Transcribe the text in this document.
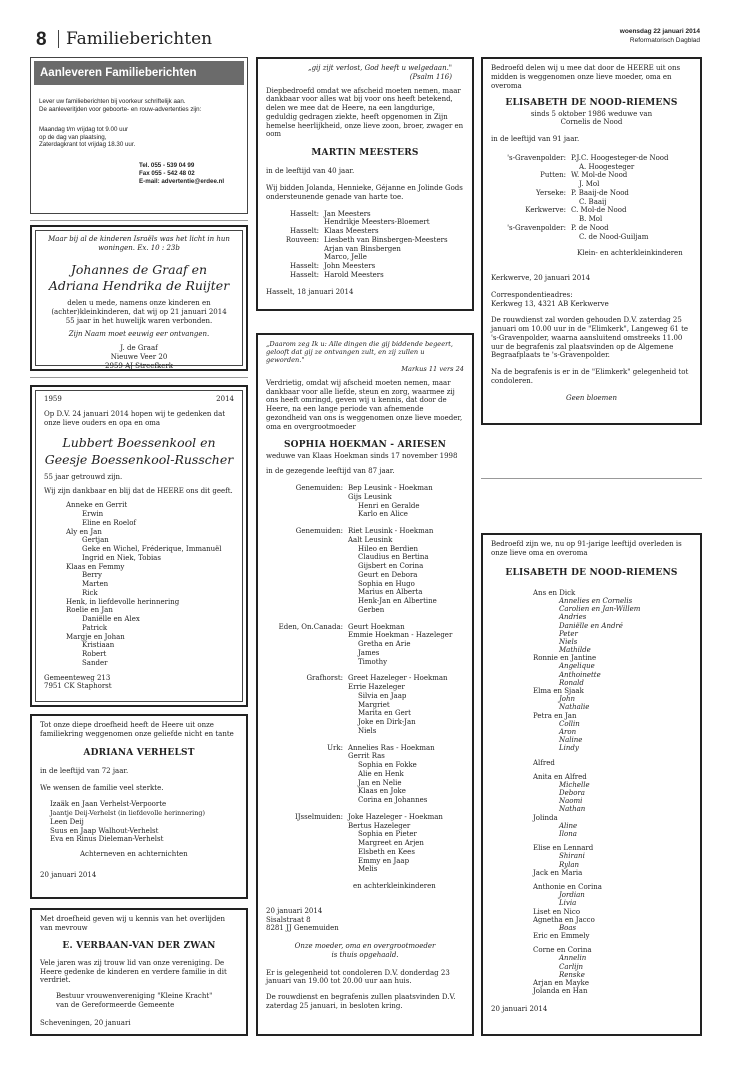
8 Familieberichten	woensdag 22 januari 2014
Reformatorisch Dagblad
Aanleveren Familieberichten
Lever uw familieberichten bij voorkeur schriftelijk aan.
De aanleveritjden voor geboorte- en rouw-advertenties zijn:
Maandag t/m vrijdag tot 9.00 uur
op de dag van plaatsing,
Zaterdagkrant tot vrijdag 18.30 uur.
Tel. 055 - 539 04 99
Fax 055 - 542 48 02
E-mail: advertentie@erdee.nl
Maar bij al de kinderen Israëls was het licht in hun woningen. Ex. 10 : 23b
Johannes de Graaf en
Adriana Hendrika de Ruijter
delen u mede, namens onze kinderen en
(achter)kleinkinderen, dat wij op 21 januari 2014
55 jaar in het huwelijk waren verbonden.
Zijn Naam moet eeuwig eer ontvangen.
J. de Graaf
Nieuwe Veer 20
2959 AJ Streefkerk
1959	2014
Op D.V. 24 januari 2014 hopen wij te gedenken dat onze lieve ouders en opa en oma
Lubbert Boessenkool en
Geesje Boessenkool-Russcher
55 jaar getrouwd zijn.
Wij zijn dankbaar en blij dat de HEERE ons dit geeft.
Anneke en Gerrit
Erwin
Eline en Roelof
Aly en Jan
Gertjan
Geke en Wichel, Fréderique, Immanuël
Ingrid en Niek, Tobias
Klaas en Femmy
Berry
Marten
Rick
Henk, in liefdevolle herinnering
Roelie en Jan
Daniëlle en Alex
Patrick
Margje en Johan
Kristiaan
Robert
Sander
Gemeenteweg 213
7951 CK Staphorst
Tot onze diepe droefheid heeft de Heere uit onze familiekring weggenomen onze geliefde nicht en tante
ADRIANA VERHELST
in de leeftijd van 72 jaar.
We wensen de familie veel sterkte.
Izaäk en Jaan Verhelst-Verpoorte
Jaantje Deij-Verhelst (in liefdevolle herinnering)
Leen Deij
Suus en Jaap Walhout-Verhelst
Eva en Rinus Dieleman-Verhelst
Achterneven en achternichten
20 januari 2014
Met droefheid geven wij u kennis van het overlijden van mevrouw
E. VERBAAN-VAN DER ZWAN
Vele jaren was zij trouw lid van onze vereniging. De Heere gedenke de kinderen en verdere familie in dit verdriet.
Bestuur vrouwenvereniging "Kleine Kracht"
van de Gereformeerde Gemeente
Scheveningen, 20 januari
„gij zijt verlost, God heeft u welgedaan."
(Psalm 116)
Diepbedroefd omdat we afscheid moeten nemen, maar dankbaar voor alles wat bij voor ons heeft betekend, delen we mee dat de Heere, na een langdurige, geduldig gedragen ziekte, heeft opgenomen in Zijn hemelse heerlijkheid, onze lieve zoon, broer, zwager en oom
MARTIN MEESTERS
in de leeftijd van 40 jaar.
Wij bidden Jolanda, Hennieke, Géjanne en Jolinde Gods ondersteunende genade van harte toe.
Hasselt: Jan Meesters
Hendrikje Meesters-Bloemert
Hasselt: Klaas Meesters
Rouveen: Liesbeth van Binsbergen-Meesters
Arjan van Binsbergen
Marco, Jelle
Hasselt: John Meesters
Hasselt: Harold Meesters
Hasselt, 18 januari 2014
„Daarom zeg Ik u: Alle dingen die gij biddende begeert, gelooft dat gij ze ontvangen zult, en zij zullen u geworden."
Markus 11 vers 24
Verdrietig, omdat wij afscheid moeten nemen, maar dankbaar voor alle liefde, steun en zorg, waarmee zij ons heeft omringd, geven wij u kennis, dat door de Heere, na een lange periode van afnemende gezondheid van ons is weggenomen onze lieve moeder, oma en overgrootmoeder
SOPHIA HOEKMAN - ARIESEN
weduwe van Klaas Hoekman sinds 17 november 1998
in de gezegende leeftijd van 87 jaar.
Genemuiden: Bep Leusink - Hoekman
Gijs Leusink
Henri en Geralde
Karlo en Alice
Genemuiden: Riet Leusink - Hoekman
Aalt Leusink
Hileo en Berdien
Claudius en Bertina
Gijsbert en Corina
Geurt en Debora
Sophia en Hugo
Marius en Alberta
Henk-Jan en Albertine
Gerben
Eden, On.Canada: Geurt Hoekman
Emmie Hoekman - Hazeleger
Gretha en Arie
James
Timothy
Grafhorst: Greet Hazeleger - Hoekman
Errie Hazeleger
Silvia en Jaap
Margriet
Marita en Gert
Joke en Dirk-Jan
Niels
Urk: Annelies Ras - Hoekman
Gerrit Ras
Sophia en Fokke
Alie en Henk
Jan en Nelie
Klaas en Joke
Corina en Johannes
IJsselmuiden: Joke Hazeleger - Hoekman
Bertus Hazeleger
Sophia en Pieter
Margreet en Arjen
Elsbeth en Kees
Emmy en Jaap
Melis
en achterkleinkinderen
20 januari 2014
Sisalstraat 8
8281 JJ Genemuiden
Onze moeder, oma en overgrootmoeder
is thuis opgehaald.
Er is gelegenheid tot condoleren D.V. donderdag 23 januari van 19.00 tot 20.00 uur aan huis.
De rouwdienst en begrafenis zullen plaatsvinden D.V. zaterdag 25 januari, in besloten kring.
Bedroefd delen wij u mee dat door de HEERE uit ons midden is weggenomen onze lieve moeder, oma en overoma
ELISABETH DE NOOD-RIEMENS
sinds 5 oktober 1986 weduwe van
Cornelis de Nood
in de leeftijd van 91 jaar.
's-Gravenpolder: P.J.C. Hoogesteger-de Nood
A. Hoogesteger
Putten: W. Mol-de Nood
J. Mol
Yerseke: P. Baaij-de Nood
C. Baaij
Kerkwerve: C. Mol-de Nood
B. Mol
's-Gravenpolder: P. de Nood
C. de Nood-Guiljam
Klein- en achterkleinkinderen
Kerkwerve, 20 januari 2014
Correspondentieadres:
Kerkweg 13, 4321 AB Kerkwerve
De rouwdienst zal worden gehouden D.V. zaterdag 25 januari om 10.00 uur in de "Elimkerk", Langeweg 61 te 's-Gravenpolder, waarna aansluitend omstreeks 11.00 uur de begrafenis zal plaatsvinden op de Algemene Begraafplaats te 's-Gravenpolder.
Na de begrafenis is er in de "Elimkerk" gelegenheid tot condoleren.
Geen bloemen
Bedroefd zijn we, nu op 91-jarige leeftijd overleden is onze lieve oma en overoma
ELISABETH DE NOOD-RIEMENS
Ans en Dick
Annelies en Cornelis
Carolien en Jan-Willem
Andries
Daniëlle en André
Peter
Niels
Mathilde
Ronnie en Jantine
Angelique
Anthoinette
Ronald
Elma en Sjaak
John
Nathalie
Petra en Jan
Collin
Aron
Naline
Lindy
Alfred
Anita en Alfred
Michelle
Debora
Naomi
Nathan
Jolinda
Aline
Ilona
Elise en Lennard
Shirani
Rylan
Jack en Maria
Anthonie en Corina
Jordian
Livia
Liset en Nico
Agnetha en Jacco
Boas
Eric en Emmely
Corne en Corina
Annelin
Carlijn
Renske
Arjan en Mayke
Jolanda en Han
20 januari 2014
